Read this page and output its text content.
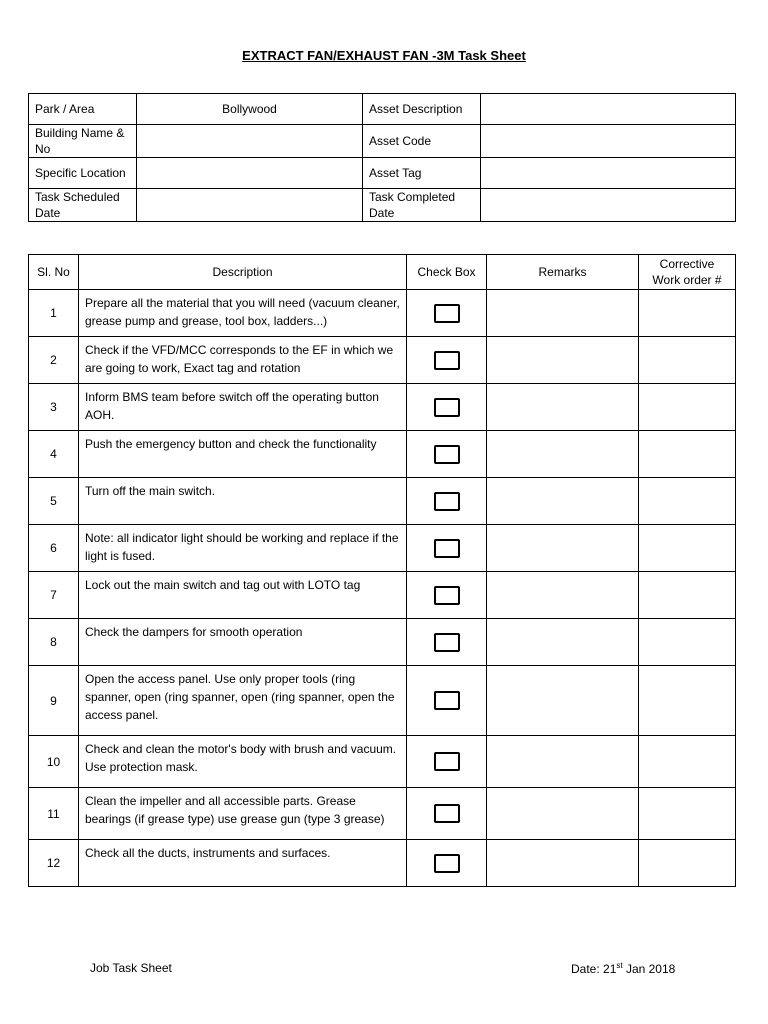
EXTRACT FAN/EXHAUST FAN -3M Task Sheet
Park / Area	Bollywood	Asset Description	
Building Name & No		Asset Code	
Specific Location		Asset Tag	
Task Scheduled Date		Task Completed Date	
Sl. No	Description	Check Box	Remarks	Corrective Work order #
1	Prepare all the material that you will need (vacuum cleaner, grease pump and grease, tool box, ladders...)			
2	Check if the VFD/MCC corresponds to the EF in which we are going to work, Exact tag and rotation			
3	Inform BMS team before switch off the operating button AOH.			
4	Push the emergency button and check the functionality			
5	Turn off the main switch.			
6	Note: all indicator light should be working and replace if the light is fused.			
7	Lock out the main switch and tag out with LOTO tag			
8	Check the dampers for smooth operation			
9	Open the access panel. Use only proper tools (ring spanner, open (ring spanner, open (ring spanner, open the access panel.			
10	Check and clean the motor's body with brush and vacuum. Use protection mask.			
11	Clean the impeller and all accessible parts. Grease bearings (if grease type) use grease gun (type 3 grease)			
12	Check all the ducts, instruments and surfaces.			
Job Task Sheet	Date: 21st Jan 2018
